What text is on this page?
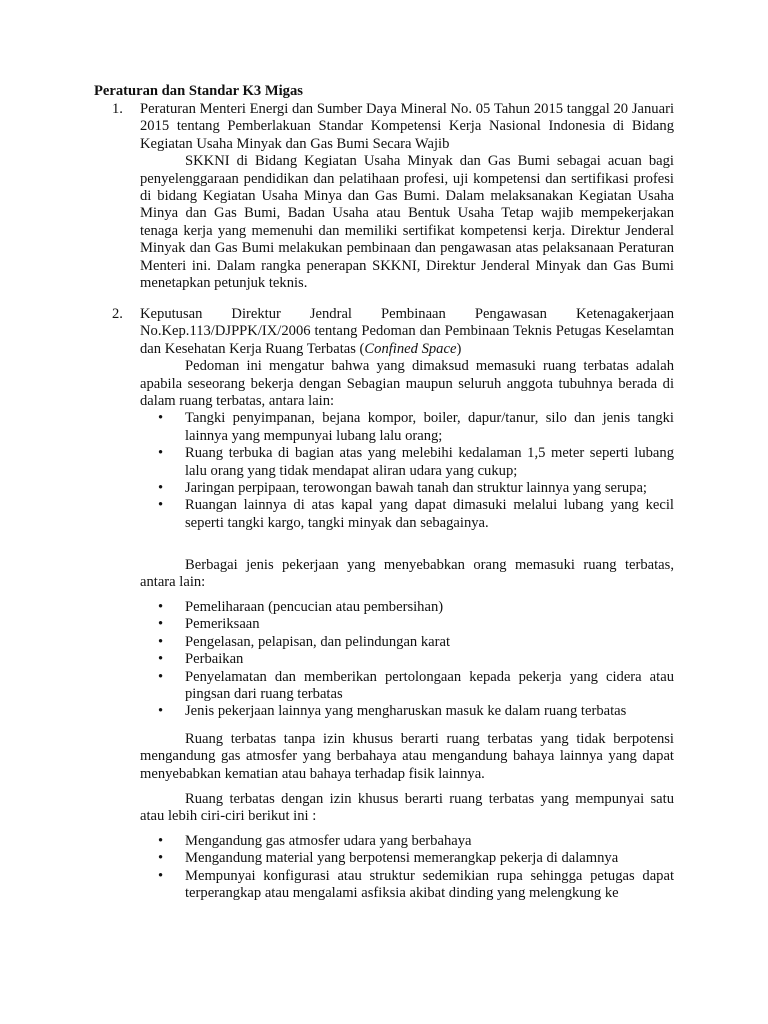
Peraturan dan Standar K3 Migas
1. Peraturan Menteri Energi dan Sumber Daya Mineral No. 05 Tahun 2015 tanggal 20 Januari 2015 tentang Pemberlakuan Standar Kompetensi Kerja Nasional Indonesia di Bidang Kegiatan Usaha Minyak dan Gas Bumi Secara Wajib

SKKNI di Bidang Kegiatan Usaha Minyak dan Gas Bumi sebagai acuan bagi penyelenggaraan pendidikan dan pelatihaan profesi, uji kompetensi dan sertifikasi profesi di bidang Kegiatan Usaha Minya dan Gas Bumi. Dalam melaksanakan Kegiatan Usaha Minya dan Gas Bumi, Badan Usaha atau Bentuk Usaha Tetap wajib mempekerjakan tenaga kerja yang memenuhi dan memiliki sertifikat kompetensi kerja. Direktur Jenderal Minyak dan Gas Bumi melakukan pembinaan dan pengawasan atas pelaksanaan Peraturan Menteri ini. Dalam rangka penerapan SKKNI, Direktur Jenderal Minyak dan Gas Bumi menetapkan petunjuk teknis.

2. Keputusan Direktur Jendral Pembinaan Pengawasan Ketenagakerjaan No.Kep.113/DJPPK/IX/2006 tentang Pedoman dan Pembinaan Teknis Petugas Keselamtan dan Kesehatan Kerja Ruang Terbatas (Confined Space)

Pedoman ini mengatur bahwa yang dimaksud memasuki ruang terbatas adalah apabila seseorang bekerja dengan Sebagian maupun seluruh anggota tubuhnya berada di dalam ruang terbatas, antara lain:

• Tangki penyimpanan, bejana kompor, boiler, dapur/tanur, silo dan jenis tangki lainnya yang mempunyai lubang lalu orang;
• Ruang terbuka di bagian atas yang melebihi kedalaman 1,5 meter seperti lubang lalu orang yang tidak mendapat aliran udara yang cukup;
• Jaringan perpipaan, terowongan bawah tanah dan struktur lainnya yang serupa;
• Ruangan lainnya di atas kapal yang dapat dimasuki melalui lubang yang kecil seperti tangki kargo, tangki minyak dan sebagainya.
Berbagai jenis pekerjaan yang menyebabkan orang memasuki ruang terbatas, antara lain:
• Pemeliharaan (pencucian atau pembersihan)
• Pemeriksaan
• Pengelasan, pelapisan, dan pelindungan karat
• Perbaikan
• Penyelamatan dan memberikan pertolongaan kepada pekerja yang cidera atau pingsan dari ruang terbatas
• Jenis pekerjaan lainnya yang mengharuskan masuk ke dalam ruang terbatas
Ruang terbatas tanpa izin khusus berarti ruang terbatas yang tidak berpotensi mengandung gas atmosfer yang berbahaya atau mengandung bahaya lainnya yang dapat menyebabkan kematian atau bahaya terhadap fisik lainnya.
Ruang terbatas dengan izin khusus berarti ruang terbatas yang mempunyai satu atau lebih ciri-ciri berikut ini :
• Mengandung gas atmosfer udara yang berbahaya
• Mengandung material yang berpotensi memerangkap pekerja di dalamnya
• Mempunyai konfigurasi atau struktur sedemikian rupa sehingga petugas dapat terperangkap atau mengalami asfiksia akibat dinding yang melengkung ke
